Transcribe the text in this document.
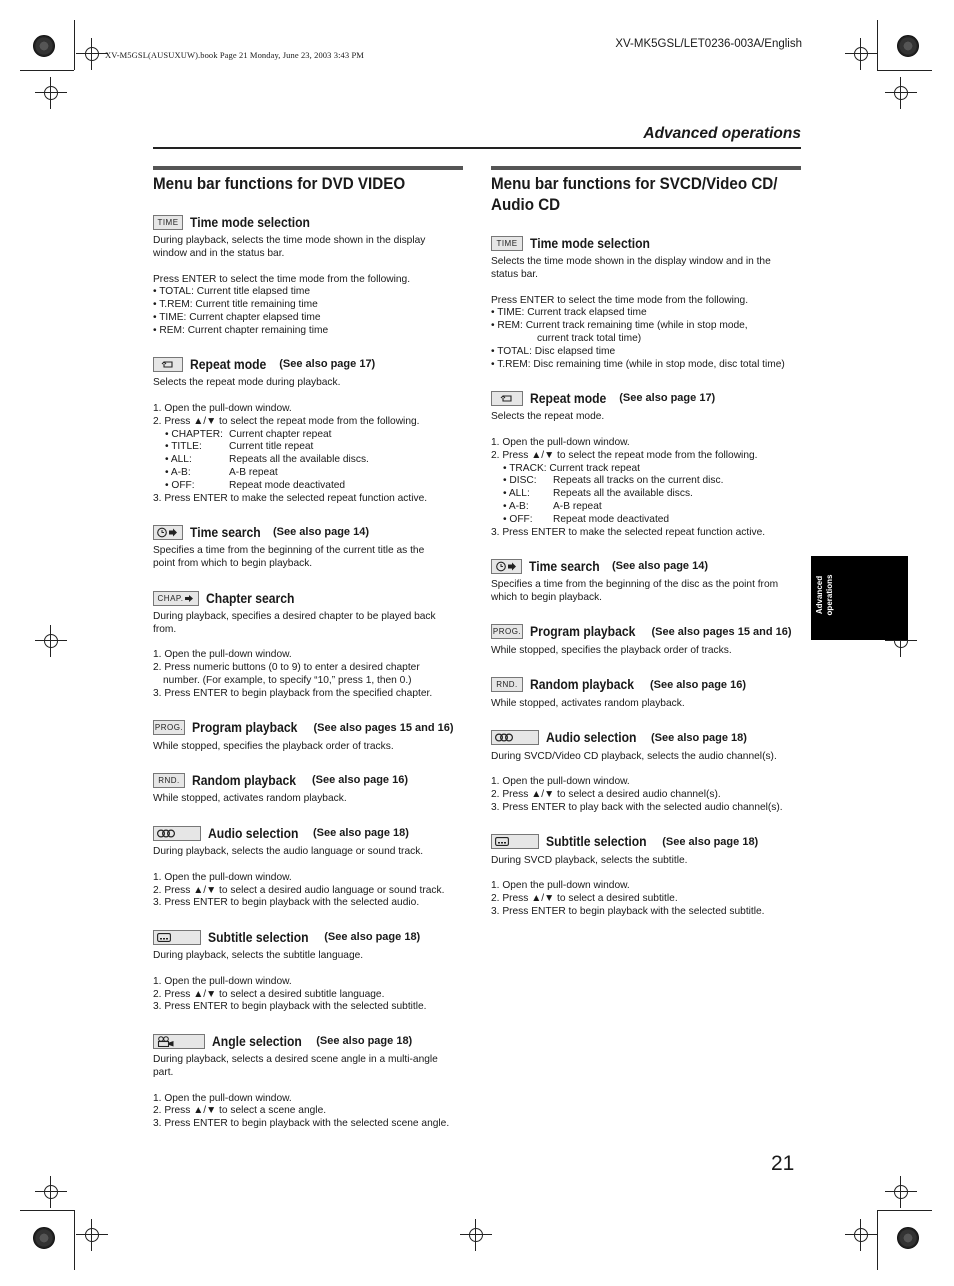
XV-M5GSL(AUSUXUW).book Page 21 Monday, June 23, 2003 3:43 PM
XV-MK5GSL/LET0236-003A/English
Advanced operations
Advanced operations
Menu bar functions for DVD VIDEO
TIME Time mode selection

During playback, selects the time mode shown in the display

window and in the status bar.

Press ENTER to select the time mode from the following.

• TOTAL: Current title elapsed time

• T.REM: Current title remaining time

• TIME: Current chapter elapsed time

• REM: Current chapter remaining time

Repeat mode
(See also page 17)

Selects the repeat mode during playback.

1. Open the pull-down window.

2. Press ▲/▼ to select the repeat mode from the following.

• CHAPTER:

• TITLE:

• ALL:

• A-B:

• OFF:

Current chapter repeat

Current title repeat

Repeats all the available discs.

A-B repeat

Repeat mode deactivated

3. Press ENTER to make the selected repeat function active.

Time search
(See also page 14)

Specifies a time from the beginning of the current title as the

point from which to begin playback.

CHAP. Chapter search

During playback, specifies a desired chapter to be played back

from.

1. Open the pull-down window.

2. Press numeric buttons (0 to 9) to enter a desired chapter

number. (For example, to specify “10,” press 1, then 0.)

3. Press ENTER to begin playback from the specified chapter.

PROG. Program playback
(See also pages 15 and 16)

While stopped, specifies the playback order of tracks.

RND. Random playback
(See also page 16)

While stopped, activates random playback.

Audio selection
(See also page 18)

During playback, selects the audio language or sound track.

1. Open the pull-down window.

2. Press ▲/▼ to select a desired audio language or sound track.

3. Press ENTER to begin playback with the selected audio.

Subtitle selection
(See also page 18)

During playback, selects the subtitle language.

1. Open the pull-down window.

2. Press ▲/▼ to select a desired subtitle language.

3. Press ENTER to begin playback with the selected subtitle.

Angle selection
(See also page 18)

During playback, selects a desired scene angle in a multi-angle

part.

1. Open the pull-down window.

2. Press ▲/▼ to select a scene angle.

3. Press ENTER to begin playback with the selected scene angle.

Menu bar functions for SVCD/Video CD/
Audio CD
TIME Time mode selection

Selects the time mode shown in the display window and in the

status bar.

Press ENTER to select the time mode from the following.

• TIME: Current track elapsed time

• REM: Current track remaining time (while in stop mode,

current track total time)

• TOTAL: Disc elapsed time

• T.REM: Disc remaining time (while in stop mode, disc total time)

Repeat mode
(See also page 17)

Selects the repeat mode.

1. Open the pull-down window.

2. Press ▲/▼ to select the repeat mode from the following.

• TRACK: Current track repeat

• DISC:

• ALL:

• A-B:

• OFF:

Repeats all tracks on the current disc.

Repeats all the available discs.

A-B repeat

Repeat mode deactivated

3. Press ENTER to make the selected repeat function active.

Time search
(See also page 14)

Specifies a time from the beginning of the disc as the point from

which to begin playback.

PROG. Program playback
(See also pages 15 and 16)

While stopped, specifies the playback order of tracks.

RND. Random playback
(See also page 16)

While stopped, activates random playback.

Audio selection
(See also page 18)

During SVCD/Video CD playback, selects the audio channel(s).

1. Open the pull-down window.

2. Press ▲/▼ to select a desired audio channel(s).

3. Press ENTER to play back with the selected audio channel(s).

Subtitle selection
(See also page 18)

During SVCD playback, selects the subtitle.

1. Open the pull-down window.

2. Press ▲/▼ to select a desired subtitle.

3. Press ENTER to begin playback with the selected subtitle.

21
